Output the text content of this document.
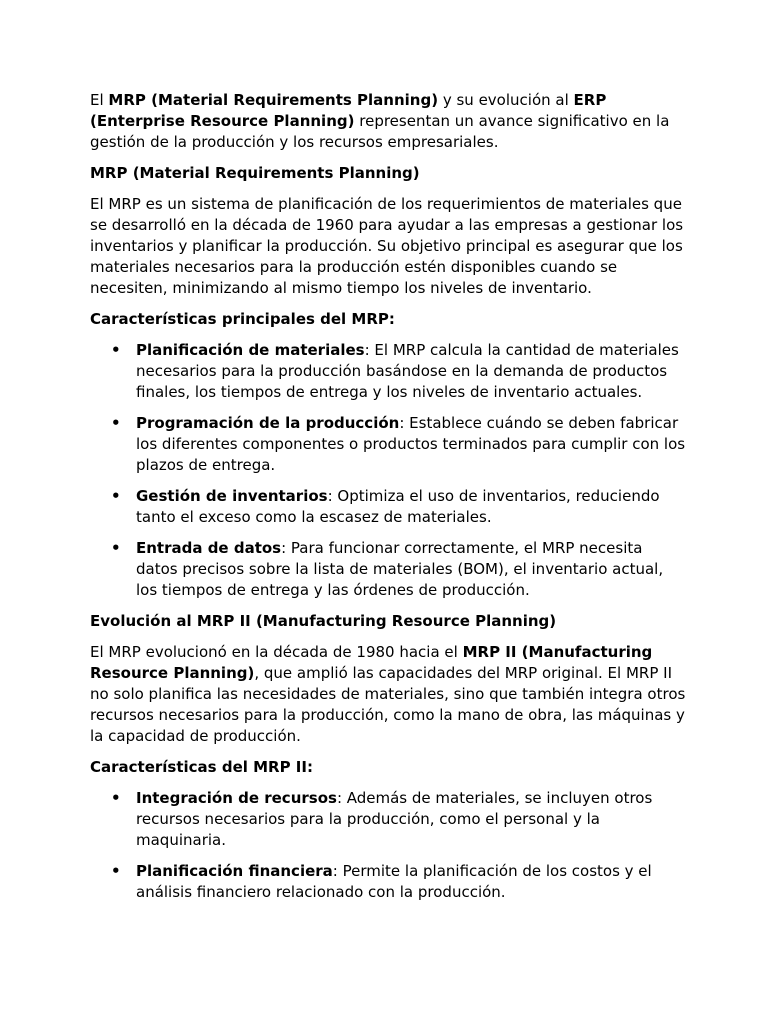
El MRP (Material Requirements Planning) y su evolución al ERP (Enterprise Resource Planning) representan un avance significativo en la gestión de la producción y los recursos empresariales.

MRP (Material Requirements Planning)

El MRP es un sistema de planificación de los requerimientos de materiales que se desarrolló en la década de 1960 para ayudar a las empresas a gestionar los inventarios y planificar la producción. Su objetivo principal es asegurar que los materiales necesarios para la producción estén disponibles cuando se necesiten, minimizando al mismo tiempo los niveles de inventario.

Características principales del MRP:
• Planificación de materiales: El MRP calcula la cantidad de materiales necesarios para la producción basándose en la demanda de productos finales, los tiempos de entrega y los niveles de inventario actuales.
• Programación de la producción: Establece cuándo se deben fabricar los diferentes componentes o productos terminados para cumplir con los plazos de entrega.
• Gestión de inventarios: Optimiza el uso de inventarios, reduciendo tanto el exceso como la escasez de materiales.
• Entrada de datos: Para funcionar correctamente, el MRP necesita datos precisos sobre la lista de materiales (BOM), el inventario actual, los tiempos de entrega y las órdenes de producción.
Evolución al MRP II (Manufacturing Resource Planning)

El MRP evolucionó en la década de 1980 hacia el MRP II (Manufacturing Resource Planning), que amplió las capacidades del MRP original. El MRP II no solo planifica las necesidades de materiales, sino que también integra otros recursos necesarios para la producción, como la mano de obra, las máquinas y la capacidad de producción.

Características del MRP II:
• Integración de recursos: Además de materiales, se incluyen otros recursos necesarios para la producción, como el personal y la maquinaria.
• Planificación financiera: Permite la planificación de los costos y el análisis financiero relacionado con la producción.
